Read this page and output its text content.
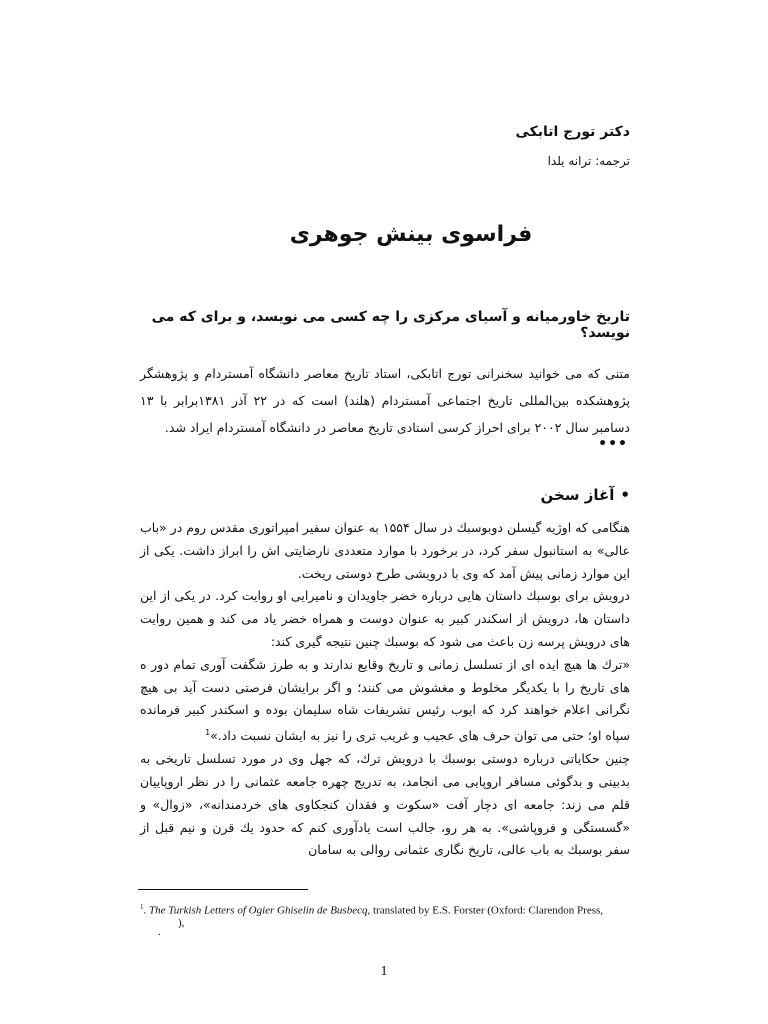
دکتر تورج اتابکی
ترجمه: ترانه یلدا
فراسوی بینش جوهری
تاریخ خاورمیانه و آسیای مرکزی را چه کسی می نویسد، و برای که می نویسد؟
متنی که می خوانید سخنرانی تورج اتابکی، استاد تاریخ معاصر دانشگاه آمستردام و پژوهشگر پژوهشکده بین‌المللی تاریخ اجتماعی آمستردام (هلند) است که در ۲۲ آذر ۱۳۸۱برابر با ۱۳ دسامبر سال ۲۰۰۲ برای احراز کرسی استادی تاریخ معاصر در دانشگاه آمستردام ایراد شد.
•••
•آغاز سخن

هنگامی که اوژیه گیسلن دوبوسبك در سال ۱۵۵۴ به عنوان سفیر امپراتوری مقدس روم در «باب عالی» به استانبول سفر کرد، در برخورد با موارد متعددی نارضایتی اش را ابراز داشت. یکی از این موارد زمانی پیش آمد که وی با درویشی طرح دوستی ریخت.

درویش برای بوسبك داستان هایی درباره خضر جاویدان و نامیرایی او روایت کرد. در یکی از این داستان ها، درویش از اسکندر کبیر به عنوان دوست و همراه خضر یاد می کند و همین روایت های درویش پرسه زن باعث می شود که بوسبك چنین نتیجه گیری کند:

«ترك ها هیچ ایده ای از تسلسل زمانی و تاریخ وقایع ندارند و به طرز شگفت آوری تمام دور ه های تاریخ را با یکدیگر مخلوط و مغشوش می کنند؛ و اگر برایشان فرصتی دست آید بی هیچ نگرانی اعلام خواهند کرد که ایوب رئیس تشریفات شاه سلیمان بوده و اسکندر کبیر فرمانده سپاه او؛ حتی می توان حرف های عجیب و غریب تری را نیز به ایشان نسبت داد.»$^1$

چنین حکایاتی درباره دوستی بوسبك با درویش ترك، که جهل وی در مورد تسلسل تاریخی به بدبینی و بدگوئی مسافر اروپایی می انجامد، به تدریج چهره جامعه عثمانی را در نظر اروپاییان قلم می زند: جامعه ای دچار آفت «سکوت و فقدان کنجکاوی های خردمندانه»، «زوال» و «گسستگی و فروپاشی». به هر رو، جالب است یادآوری کنم که حدود یك قرن و نیم قبل از سفر بوسبك به باب عالی، تاریخ نگاری عثمانی روالی به سامان

$^1$. The Turkish Letters of Ogier Ghiselin de Busbecq, translated by E.S. Forster (Oxford: Clarendon Press,),
.
1
